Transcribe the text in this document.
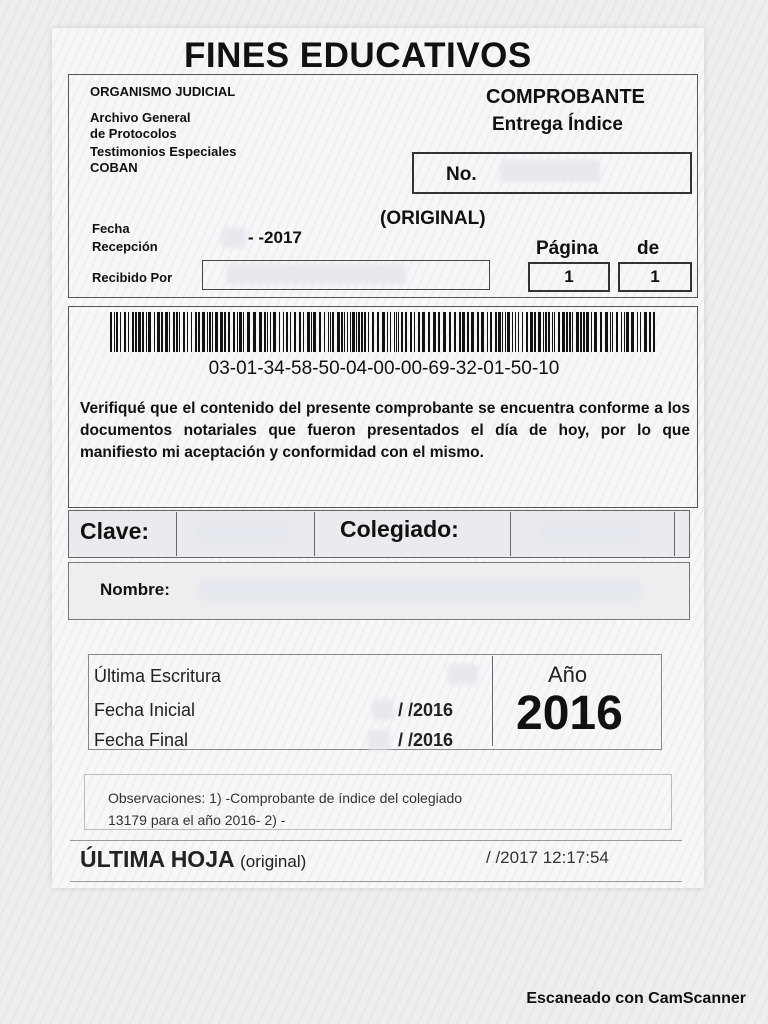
FINES EDUCATIVOS
ORGANISMO JUDICIAL
Archivo General
de Protocolos
Testimonios Especiales
COBAN
COMPROBANTE
Entrega Índice
No.
(ORIGINAL)
Fecha
Recepción	- -2017
Página de
1	1
Recibido Por
03-01-34-58-50-04-00-00-69-32-01-50-10
Verifiqué que el contenido del presente comprobante se encuentra conforme a los documentos notariales que fueron presentados el día de hoy, por lo que manifiesto mi aceptación y conformidad con el mismo.
Clave:	Colegiado:
Nombre:
Última Escritura
Fecha Inicial	/ /2016
Fecha Final	/ /2016
Año
2016
Observaciones: 1) -Comprobante de índice del colegiado
13179 para el año 2016- 2) -
ÚLTIMA HOJA (original)	/ /2017 12:17:54
Escaneado con CamScanner
